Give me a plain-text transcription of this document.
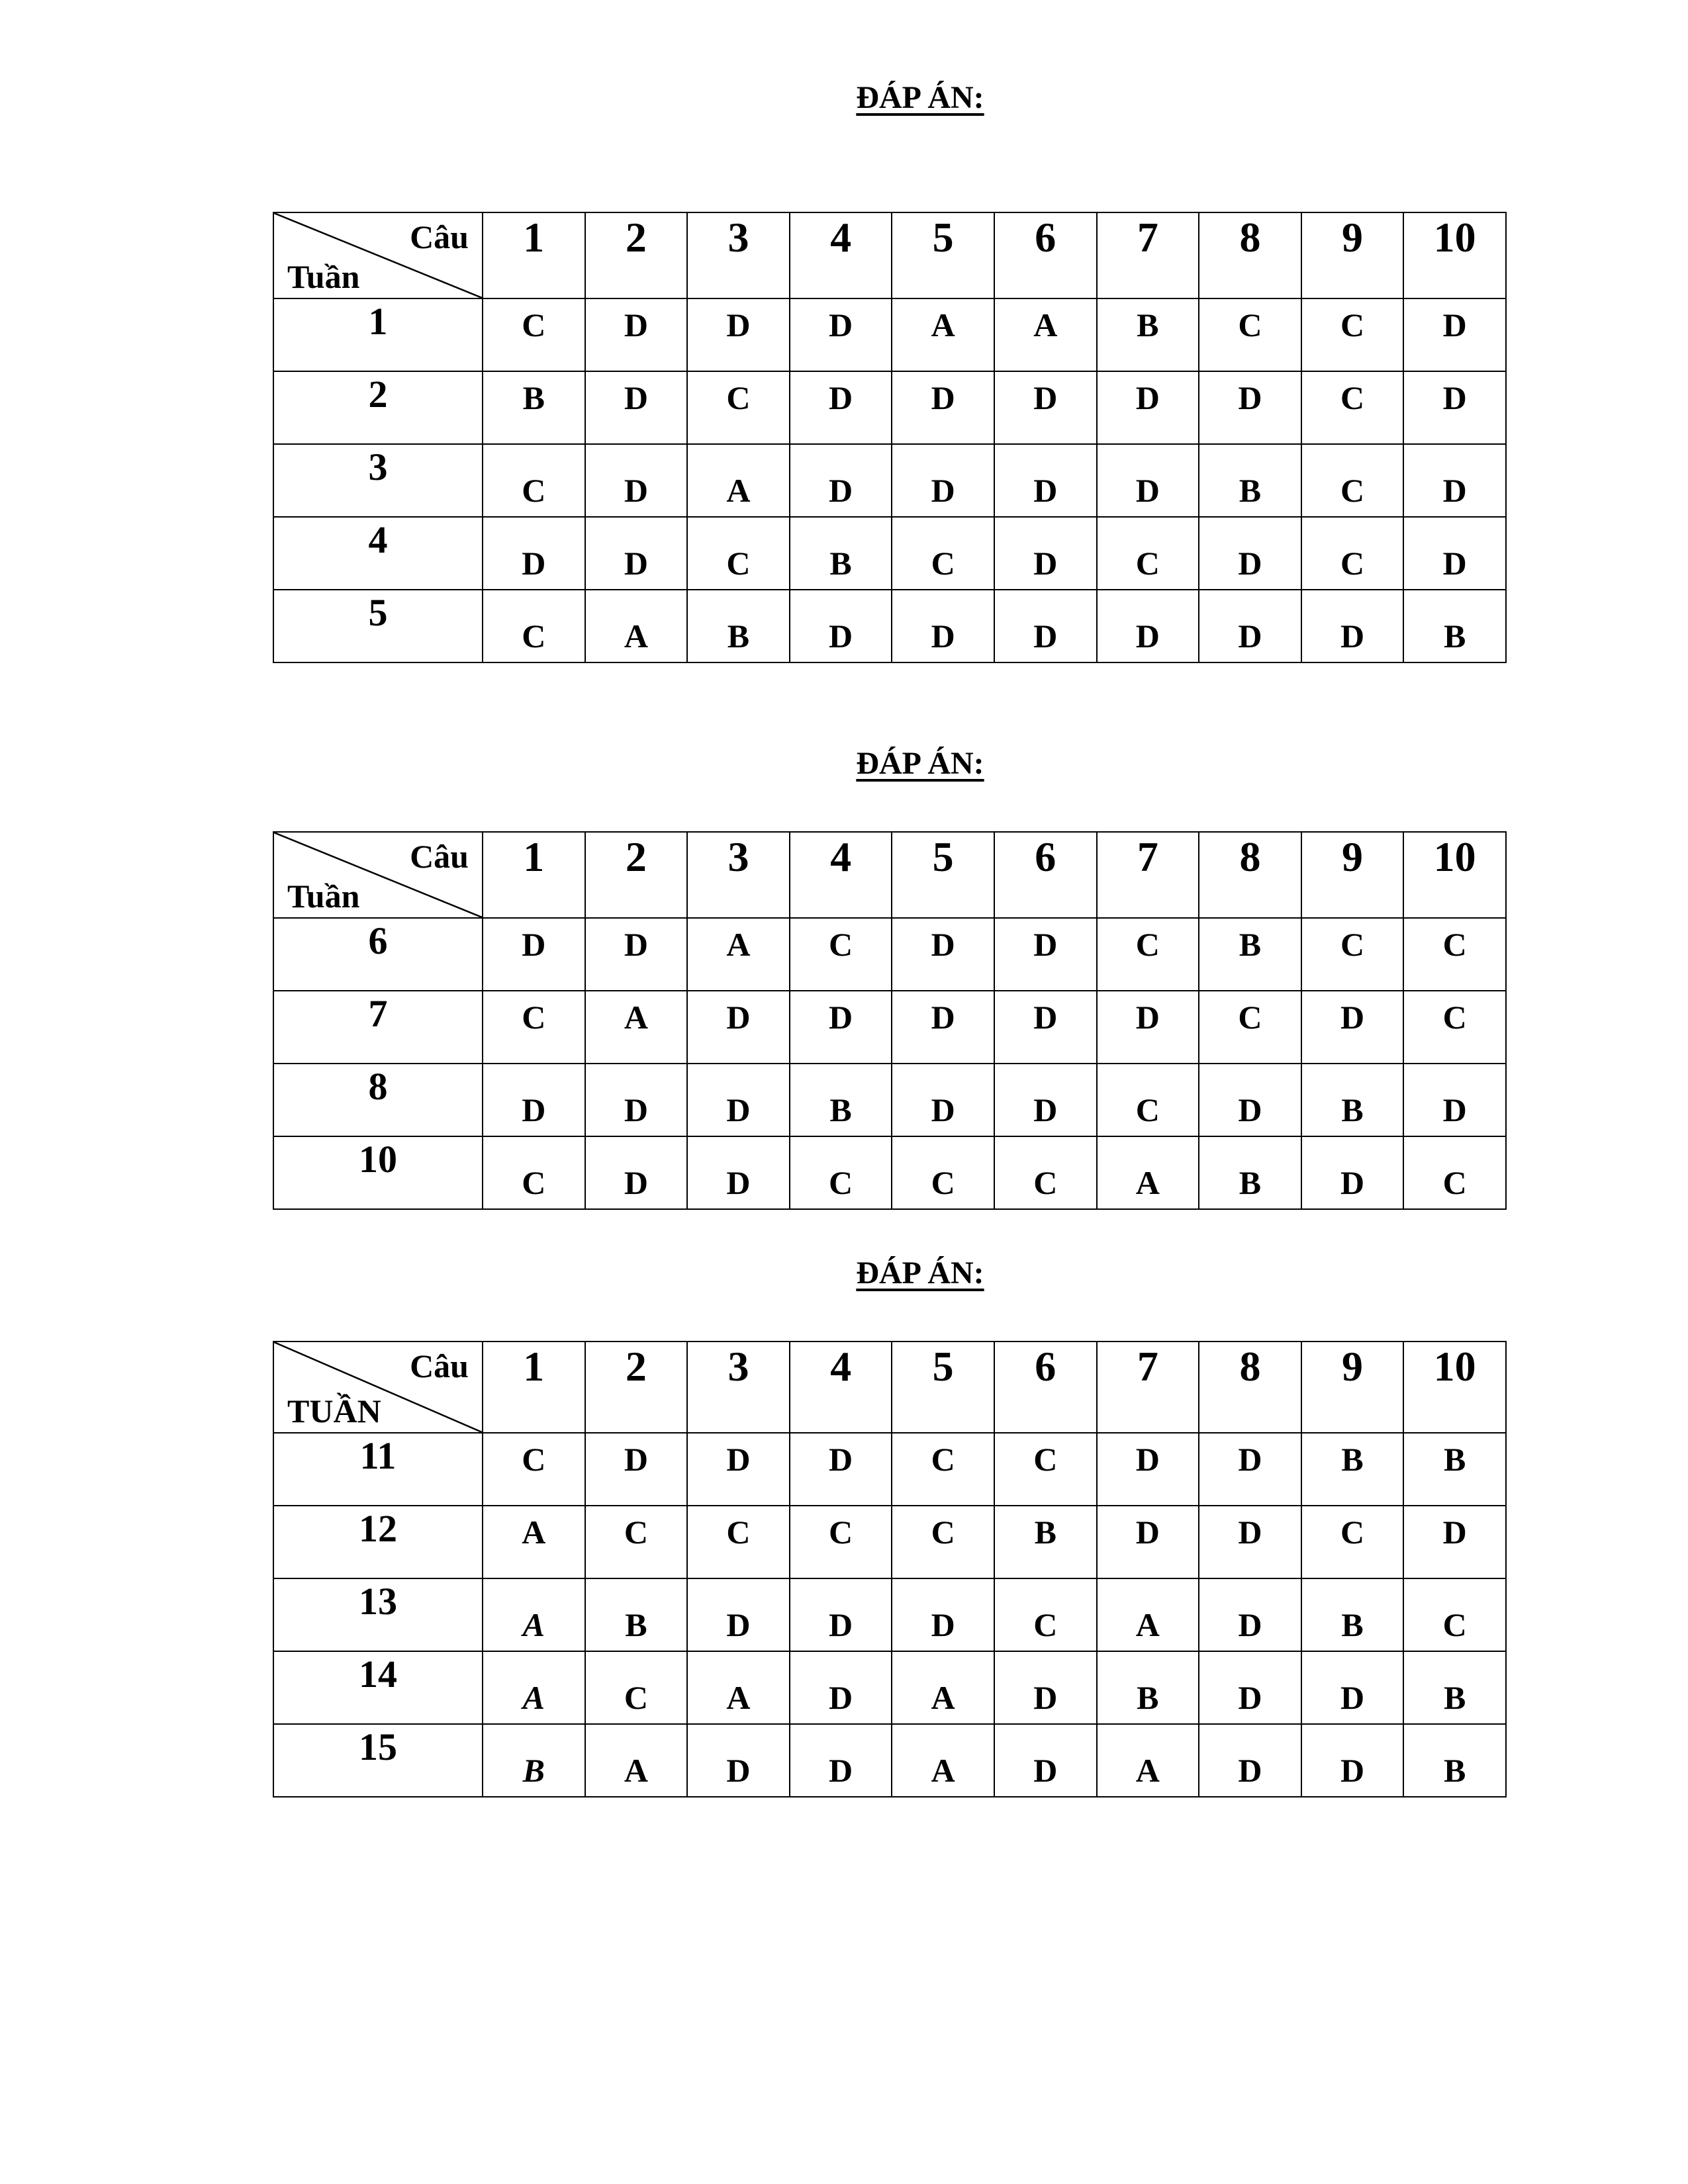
ĐÁP ÁN:
Câu
Tuần	1	2	3	4	5	6	7	8	9	10
1	C	D	D	D	A	A	B	C	C	D
2	B	D	C	D	D	D	D	D	C	D
3	C	D	A	D	D	D	D	B	C	D
4	D	D	C	B	C	D	C	D	C	D
5	C	A	B	D	D	D	D	D	D	B
ĐÁP ÁN:
Câu
Tuần	1	2	3	4	5	6	7	8	9	10
6	D	D	A	C	D	D	C	B	C	C
7	C	A	D	D	D	D	D	C	D	C
8	D	D	D	B	D	D	C	D	B	D
10	C	D	D	C	C	C	A	B	D	C
ĐÁP ÁN:
Câu
TUẦN	1	2	3	4	5	6	7	8	9	10
11	C	D	D	D	C	C	D	D	B	B
12	A	C	C	C	C	B	D	D	C	D
13	A	B	D	D	D	C	A	D	B	C
14	A	C	A	D	A	D	B	D	D	B
15	B	A	D	D	A	D	A	D	D	B
